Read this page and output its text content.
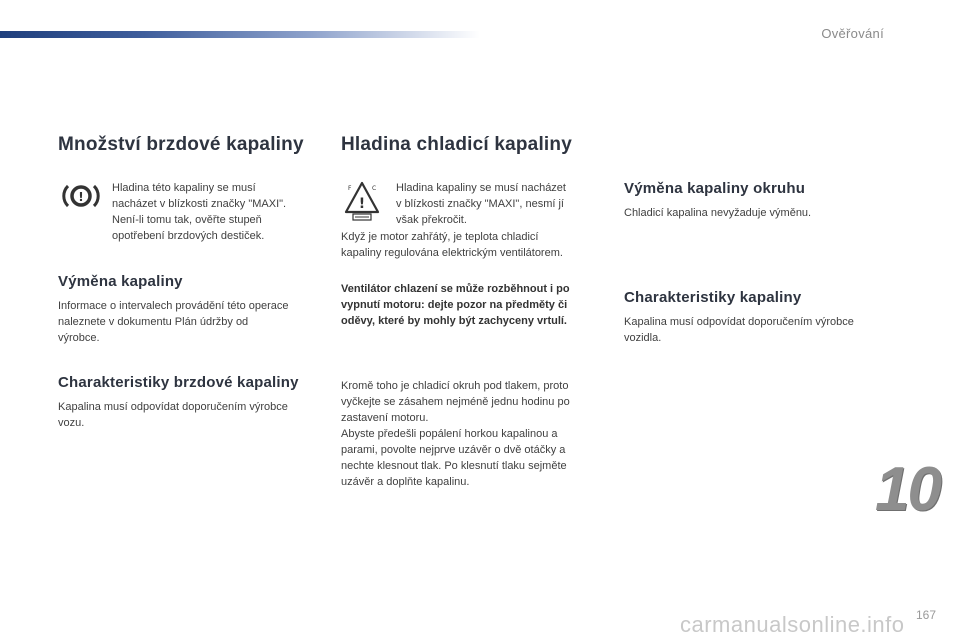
Ověřování
Množství brzdové kapaliny
!

Hladina této kapaliny se musí

nacházet v blízkosti značky "MAXI".

Není-li tomu tak, ověřte stupeň

opotřebení brzdových destiček.

Výměna kapaliny

Informace o intervalech provádění této operace

naleznete v dokumentu Plán údržby od

výrobce.

Charakteristiky brzdové kapaliny

Kapalina musí odpovídat doporučením výrobce

vozu.

Hladina chladicí kapaliny
!
F	C Hladina kapaliny se musí nacházet

v blízkosti značky "MAXI", nesmí jí

však překročit.

Když je motor zahřátý, je teplota chladicí

kapaliny regulována elektrickým ventilátorem.

Ventilátor chlazení se může rozběhnout i po

vypnutí motoru: dejte pozor na předměty či

oděvy, které by mohly být zachyceny vrtulí.

Kromě toho je chladicí okruh pod tlakem, proto

vyčkejte se zásahem nejméně jednu hodinu po

zastavení motoru.

Abyste předešli popálení horkou kapalinou a

parami, povolte nejprve uzávěr o dvě otáčky a

nechte klesnout tlak. Po klesnutí tlaku sejměte

uzávěr a doplňte kapalinu.

Výměna kapaliny okruhu

Chladicí kapalina nevyžaduje výměnu.

Charakteristiky kapaliny

Kapalina musí odpovídat doporučením výrobce

vozidla.

10
carmanualsonline.info 167
